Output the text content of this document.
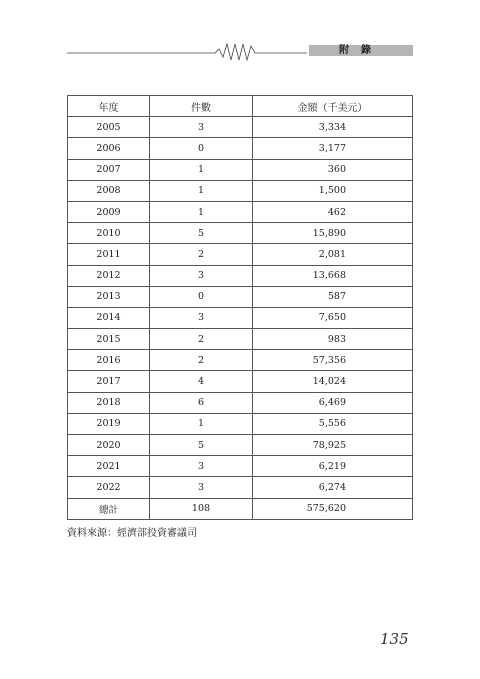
附錄
年度	件數	金額（千美元）
2005	3	3,334
2006	0	3,177
2007	1	360
2008	1	1,500
2009	1	462
2010	5	15,890
2011	2	2,081
2012	3	13,668
2013	0	587
2014	3	7,650
2015	2	983
2016	2	57,356
2017	4	14,024
2018	6	6,469
2019	1	5,556
2020	5	78,925
2021	3	6,219
2022	3	6,274
總計	108	575,620
資料來源：經濟部投資審議司
135
